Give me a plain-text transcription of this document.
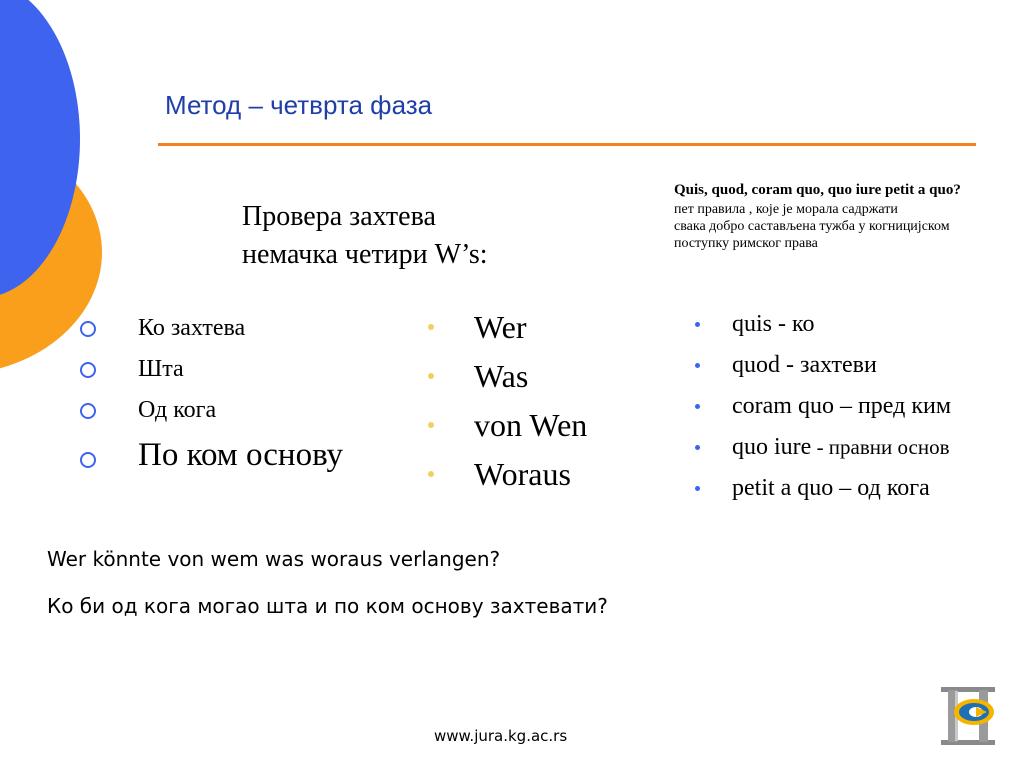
Метод – четврта фаза
Провера захтева
немачка четири W’s:
Quis, quod, coram quo, quo iure petit a quo?
пет правила , које је морала садржати
свака добро састављена тужба у когницијском
поступку римског права
Ко захтева
Шта
Од кога
По ком основу
Wer
Was
von Wen
Woraus
quis - ко
quod - захтеви
coram quo – пред ким
quo iure - правни основ
petit a quo – од кога
Wer könnte von wem was woraus verlangen?
Ко би од кога могао шта и по ком основу захтевати?
www.jura.kg.ac.rs
